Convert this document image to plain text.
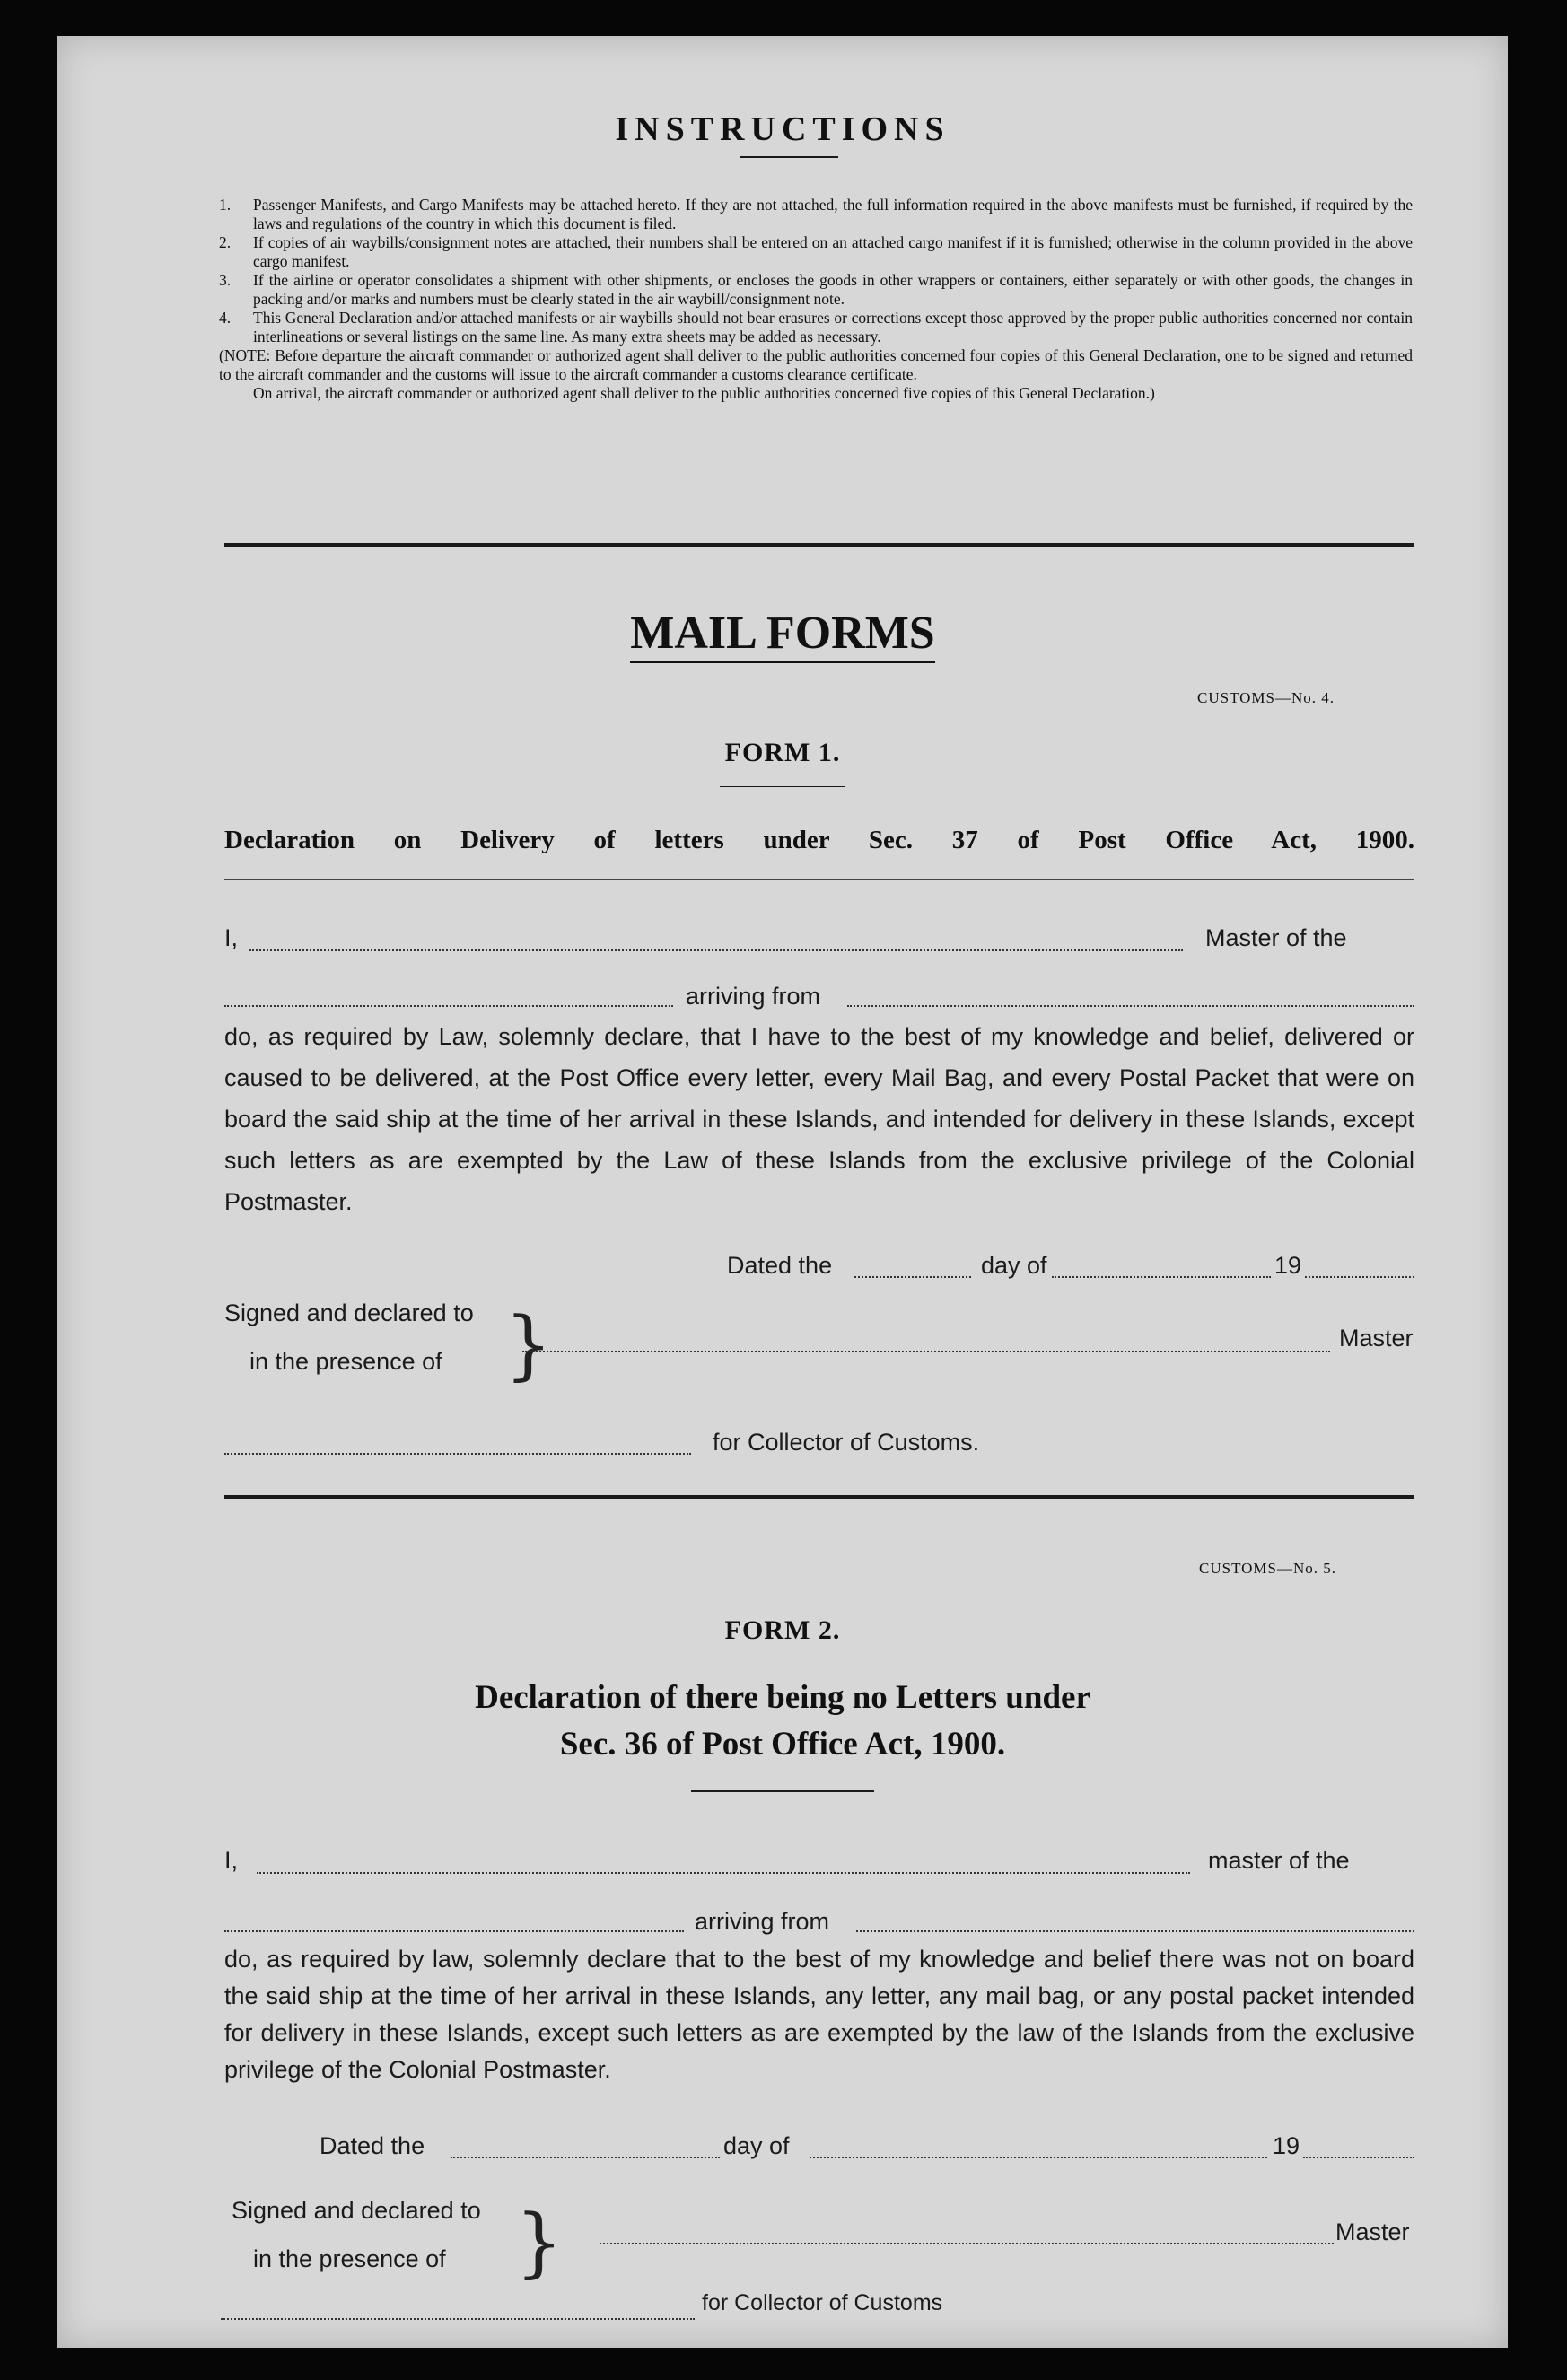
INSTRUCTIONS
1. Passenger Manifests, and Cargo Manifests may be attached hereto. If they are not attached, the full information required in the above manifests must be furnished, if required by the laws and regulations of the country in which this document is filed.
2. If copies of air waybills/consignment notes are attached, their numbers shall be entered on an attached cargo manifest if it is furnished; otherwise in the column provided in the above cargo manifest.
3. If the airline or operator consolidates a shipment with other shipments, or encloses the goods in other wrappers or containers, either separately or with other goods, the changes in packing and/or marks and numbers must be clearly stated in the air waybill/consignment note.
4. This General Declaration and/or attached manifests or air waybills should not bear erasures or corrections except those approved by the proper public authorities concerned nor contain interlineations or several listings on the same line. As many extra sheets may be added as necessary.
(NOTE: Before departure the aircraft commander or authorized agent shall deliver to the public authorities concerned four copies of this General Declaration, one to be signed and returned to the aircraft commander and the customs will issue to the aircraft commander a customs clearance certificate.
On arrival, the aircraft commander or authorized agent shall deliver to the public authorities concerned five copies of this General Declaration.)
MAIL FORMS
CUSTOMS—No. 4.
FORM 1.
Declaration on Delivery of letters under Sec. 37 of Post Office Act, 1900.
I,	Master of the
arriving from
do, as required by Law, solemnly declare, that I have to the best of my knowledge and belief, delivered or caused to be delivered, at the Post Office every letter, every Mail Bag, and every Postal Packet that were on board the said ship at the time of her arrival in these Islands, and intended for delivery in these Islands, except such letters as are exempted by the Law of these Islands from the exclusive privilege of the Colonial Postmaster.
Dated the	day of	19
Signed and declared to
in the presence of }	Master
for Collector of Customs.
CUSTOMS—No. 5.
FORM 2.
Declaration of there being no Letters under
Sec. 36 of Post Office Act, 1900.
I,	master of the
arriving from
do, as required by law, solemnly declare that to the best of my knowledge and belief there was not on board the said ship at the time of her arrival in these Islands, any letter, any mail bag, or any postal packet intended for delivery in these Islands, except such letters as are exempted by the law of the Islands from the exclusive privilege of the Colonial Postmaster.
Dated the	day of	19
Signed and declared to
in the presence of }	Master
for Collector of Customs
